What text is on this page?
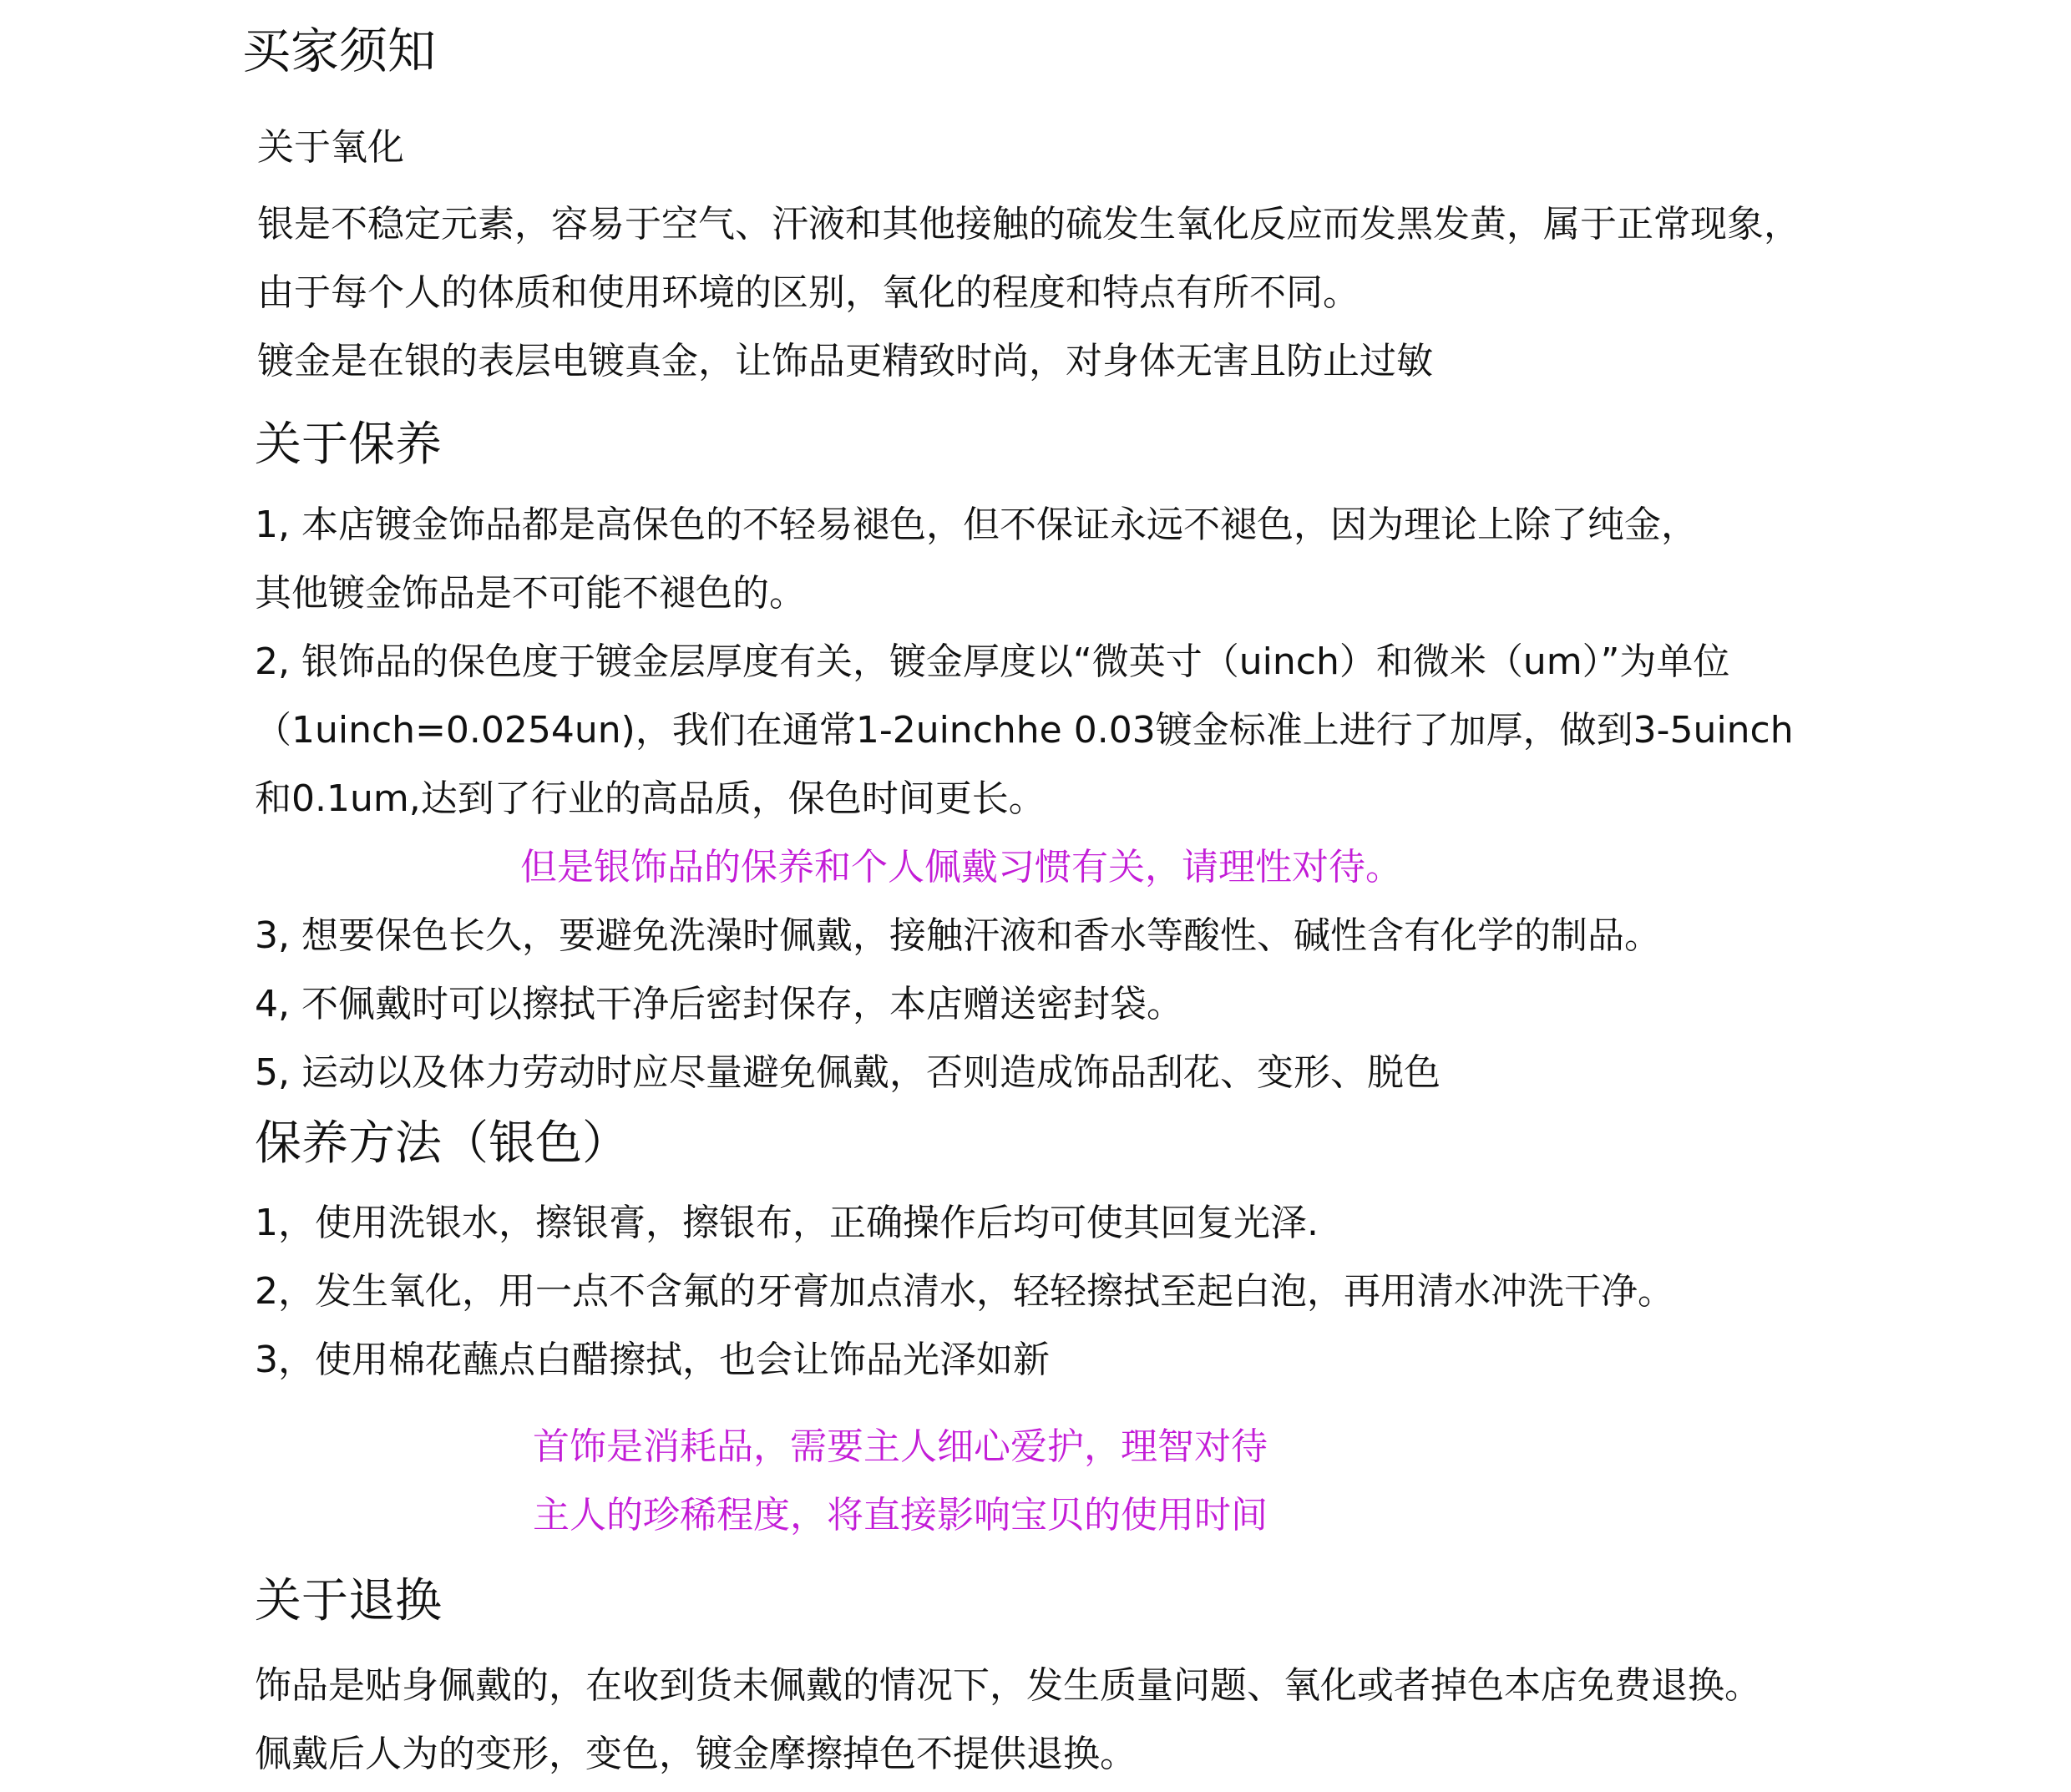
买家须知
关于氧化
银是不稳定元素，容易于空气、汗液和其他接触的硫发生氧化反应而发黑发黄，属于正常现象，
由于每个人的体质和使用环境的区别，氧化的程度和特点有所不同。
镀金是在银的表层电镀真金，让饰品更精致时尚，对身体无害且防止过敏
关于保养
1, 本店镀金饰品都是高保色的不轻易褪色，但不保证永远不褪色，因为理论上除了纯金，
其他镀金饰品是不可能不褪色的。
2, 银饰品的保色度于镀金层厚度有关，镀金厚度以“微英寸（uinch）和微米（um）”为单位
（1uinch=0.0254un)，我们在通常1-2uinchhe 0.03镀金标准上进行了加厚，做到3-5uinch
和0.1um,达到了行业的高品质，保色时间更长。
但是银饰品的保养和个人佩戴习惯有关，请理性对待。
3, 想要保色长久，要避免洗澡时佩戴，接触汗液和香水等酸性、碱性含有化学的制品。
4, 不佩戴时可以擦拭干净后密封保存，本店赠送密封袋。
5, 运动以及体力劳动时应尽量避免佩戴，否则造成饰品刮花、变形、脱色
保养方法（银色）
1，使用洗银水，擦银膏，擦银布，正确操作后均可使其回复光泽.
2，发生氧化，用一点不含氟的牙膏加点清水，轻轻擦拭至起白泡，再用清水冲洗干净。
3，使用棉花蘸点白醋擦拭，也会让饰品光泽如新
首饰是消耗品，需要主人细心爱护，理智对待
主人的珍稀程度，将直接影响宝贝的使用时间
关于退换
饰品是贴身佩戴的，在收到货未佩戴的情况下，发生质量问题、氧化或者掉色本店免费退换。
佩戴后人为的变形，变色，镀金摩擦掉色不提供退换。
